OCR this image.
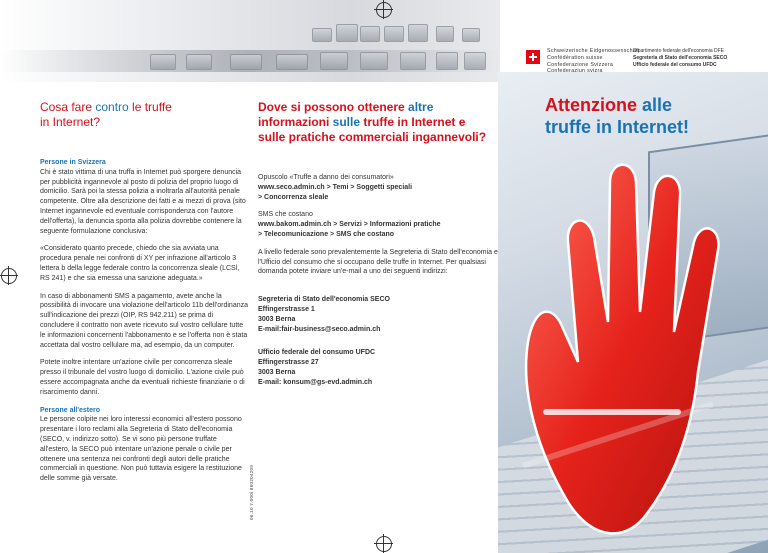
Schweizerische Eidgenossenschaft
Confédération suisse
Confederazione Svizzera
Confederaziun svizra
Dipartimento federale dell'economia DFE
Segreteria di Stato dell'economia SECO
Ufficio federale del consumo UFDC
Attenzione alle
truffe in Internet!
Cosa fare contro le truffe
in Internet?

Persone in Svizzera

Chi è stato vittima di una truffa in Internet può sporgere denuncia per pubblicità ingannevole al posto di polizia del proprio luogo di domicilio. Sarà poi la stessa polizia a inoltrarla all'autorità penale competente. Oltre alla descrizione dei fatti e ai mezzi di prova (sito Internet ingannevole ed eventuale corrispondenza con l'autore dell'offerta), la denuncia sporta alla polizia dovrebbe contenere la seguente formulazione conclusiva:

«Considerato quanto precede, chiedo che sia avviata una procedura penale nei confronti di XY per infrazione all'articolo 3 lettera b della legge federale contro la concorrenza sleale (LCSl, RS 241) e che sia emessa una sanzione adeguata.»

In caso di abbonamenti SMS a pagamento, avete anche la possibilità di invocare una violazione dell'articolo 11b dell'ordinanza sull'indicazione dei prezzi (OIP, RS 942.211) se prima di concludere il contratto non avete ricevuto sul vostro cellulare tutte le informazioni concernenti l'abbonamento e se l'offerta non è stata accettata dal vostro cellulare ma, ad esempio, da un computer.

Potete inoltre intentare un'azione civile per concorrenza sleale presso il tribunale del vostro luogo di domicilio. L'azione civile può essere accompagnata anche da eventuali richieste finanziarie o di risarcimento danni.

Persone all'estero

Le persone colpite nei loro interessi economici all'estero possono presentare i loro reclami alla Segreteria di Stato dell'economia (SECO, v. indirizzo sotto). Se vi sono più persone truffate all'estero, la SECO può intentare un'azione penale o civile per ottenere una sentenza nei confronti degli autori delle pratiche commerciali in questione. Non può tuttavia esigere la restituzione delle somme già versate.	06.10 7.000i 860204209
Dove si possono ottenere altre
informazioni sulle truffe in Internet e
sulle pratiche commerciali ingannevoli?

Opuscolo «Truffe a danno dei consumatori»
www.seco.admin.ch > Temi > Soggetti speciali
> Concorrenza sleale

SMS che costano
www.bakom.admin.ch > Servizi > Informazioni pratiche
> Telecomunicazione > SMS che costano

A livello federale sono prevalentemente la Segreteria di Stato dell'economia e l'Ufficio del consumo che si occupano delle truffe in Internet. Per qualsiasi domanda potete inviare un'e-mail a uno dei seguenti indirizzi:

Segreteria di Stato dell'economia SECO
Effingerstrasse 1
3003 Berna
E-mail:fair-business@seco.admin.ch

Ufficio federale del consumo UFDC
Effingerstrasse 27
3003 Berna
E-mail: konsum@gs-evd.admin.ch
